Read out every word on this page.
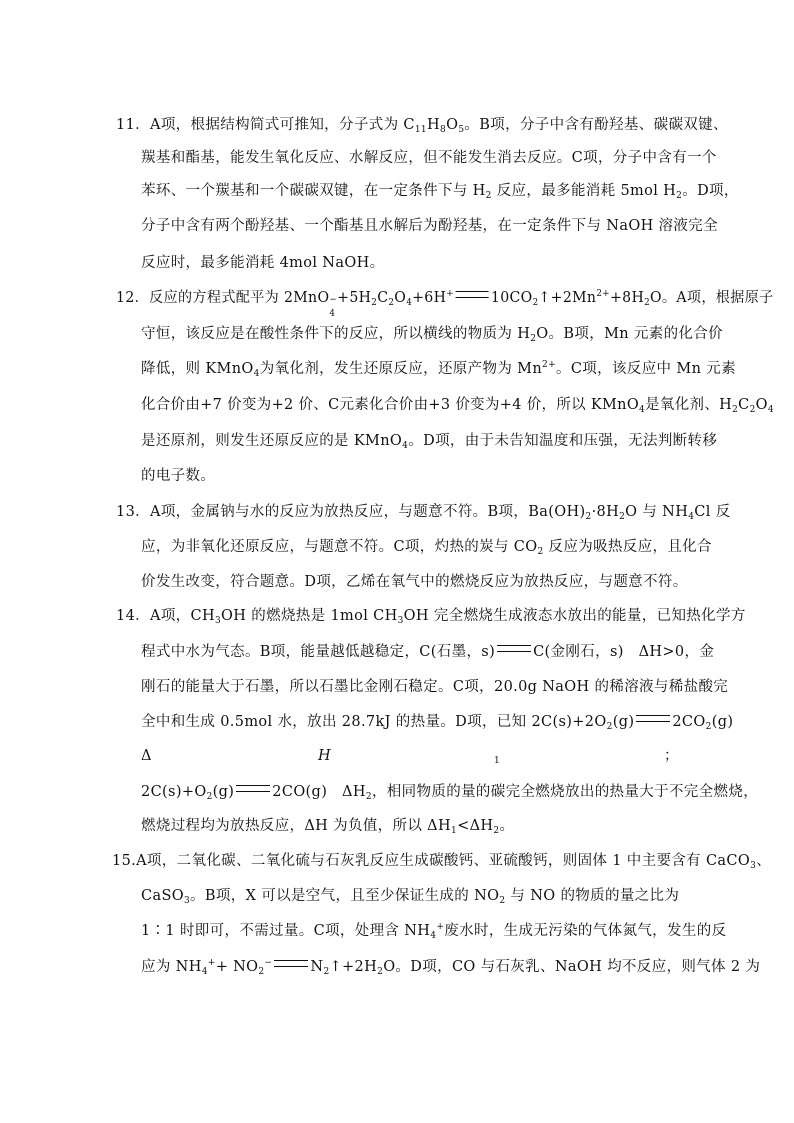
11．A项，根据结构简式可推知，分子式为 $C_{11}H_8O_5$。B项，分子中含有酚羟基、碳碳双键、
羰基和酯基，能发生氧化反应、水解反应，但不能发生消去反应。C项，分子中含有一个
苯环、一个羰基和一个碳碳双键，在一定条件下与 $H_2$ 反应，最多能消耗 5mol $H_2$。D项，
分子中含有两个酚羟基、一个酯基且水解后为酚羟基，在一定条件下与 NaOH 溶液完全
反应时，最多能消耗 4mol NaOH。
12．反应的方程式配平为 2MnO −
4
$+5H_2C_2O_4+6H^+$	$10CO_2↑+2Mn^{2+}+8H_2O$。A项，根据原子
守恒，该反应是在酸性条件下的反应，所以横线的物质为 $H_2O$。B项，Mn 元素的化合价
降低，则 KMnO$_4$为氧化剂，发生还原反应，还原产物为 $Mn^{2+}$。C项，该反应中 Mn 元素
化合价由+7 价变为+2 价、C元素化合价由+3 价变为+4 价，所以 KMnO$_4$是氧化剂、$H_2C_2O_4$
是还原剂，则发生还原反应的是 KMnO$_4$。D项，由于未告知温度和压强，无法判断转移
的电子数。
13．A项，金属钠与水的反应为放热反应，与题意不符。B项，$Ba(OH)_2\cdot 8H_2O$ 与 $NH_4Cl$ 反
应，为非氧化还原反应，与题意不符。C项，灼热的炭与 $CO_2$ 反应为吸热反应，且化合
价发生改变，符合题意。D项，乙烯在氧气中的燃烧反应为放热反应，与题意不符。
14．A项，$CH_3OH$ 的燃烧热是 1mol $CH_3OH$ 完全燃烧生成液态水放出的能量，已知热化学方
程式中水为气态。B项，能量越低越稳定，C(石墨，s)	C(金刚石，s)　ΔH>0，金
刚石的能量大于石墨，所以石墨比金刚石稳定。C项，20.0g NaOH 的稀溶液与稀盐酸完
全中和生成 0.5mol 水，放出 28.7kJ 的热量。D项，已知 $2C(s)+2O_2(g)$	$2CO_2(g)$
Δ	H	1	；
$2C(s)+O_2(g)$	2CO(g)　$\Delta H_2$，相同物质的量的碳完全燃烧放出的热量大于不完全燃烧，
燃烧过程均为放热反应，ΔH 为负值，所以 $\Delta H_1<\Delta H_2$。
15.A项，二氧化碳、二氧化硫与石灰乳反应生成碳酸钙、亚硫酸钙，则固体 1 中主要含有 CaCO$_3$、
CaSO$_3$。B项，X 可以是空气，且至少保证生成的 $NO_2$ 与 NO 的物质的量之比为
1∶1 时即可，不需过量。C项，处理含 $NH_4^+$废水时，生成无污染的气体氮气，发生的反
应为 $NH_4^++ NO_2^-$	$N_2↑+2H_2O$。D项，CO 与石灰乳、NaOH 均不反应，则气体 2 为
